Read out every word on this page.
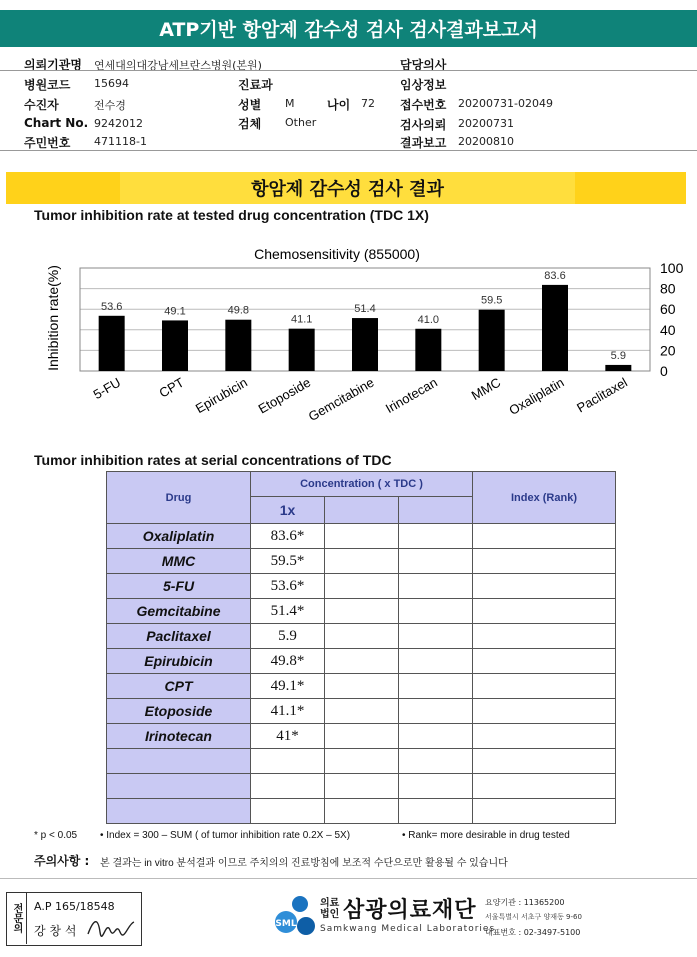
ATP기반 항암제 감수성 검사 검사결과보고서
의뢰기관명 연세대의대강남세브란스병원(본원)
병원코드 15694
수진자	전수경
Chart No. 9242012
주민번호 471118-1
진료과
성별 M	나이 72
검체 Other
담당의사
임상정보
접수번호 20200731-02049
검사의뢰 20200731
결과보고 20200810
항암제 감수성 검사 결과
Tumor inhibition rate at tested drug concentration (TDC 1X)
Chemosensitivity (855000)
Inhibition rate(%)	53.6	49.1	49.8
41.1
51.4
41.0
59.5
83.6
5.9
0
20
40
60
80
100
5-FU	CPT Epirubicin Etoposide
Gemcitabine Irinotecan MMC Oxaliplatin Paclitaxel
Tumor inhibition rates at serial concentrations of TDC
Drug	Concentration ( x TDC )			Index (Rank)
	1x			
Oxaliplatin	83.6*			
MMC	59.5*			
5-FU	53.6*			
Gemcitabine	51.4*			
Paclitaxel	5.9			
Epirubicin	49.8*			
CPT	49.1*			
Etoposide	41.1*			
Irinotecan	41*			

* p < 0.05 • Index = 300 – SUM ( of tumor inhibition rate 0.2X – 5X)	• Rank= more desirable in drug tested
주의사항 : 본 결과는 in vitro 분석결과 이므로 주치의의 진료방침에 보조적 수단으로만 활용될 수 있습니다
전문의 A.P 165/18548
강 창 석	SML
의료
법인 삼광의료재단
Samkwang Medical Laboratories
요양기관 : 11365200
서울특별시 서초구 양재동 9-60
대표번호 : 02-3497-5100
